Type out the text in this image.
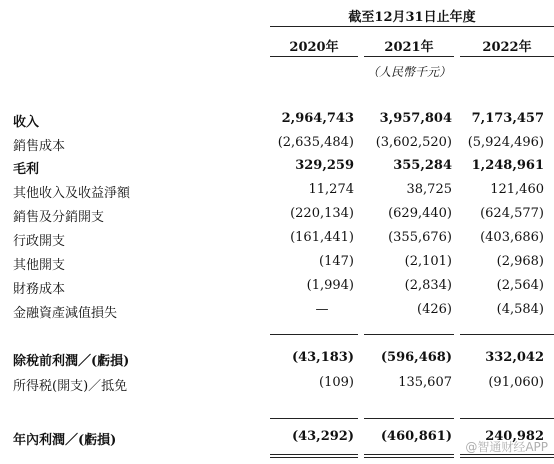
截至12月31日止年度
2020年	2021年	2022年
（人民幣千元）
收入	2,964,743	3,957,804	7,173,457
銷售成本	(2,635,484)	(3,602,520)	(5,924,496)
毛利	329,259	355,284	1,248,961
其他收入及收益淨額	11,274	38,725	121,460
銷售及分銷開支	(220,134)	(629,440)	(624,577)
行政開支	(161,441)	(355,676)	(403,686)
其他開支	(147)	(2,101)	(2,968)
財務成本	(1,994)	(2,834)	(2,564)
金融資產減值損失	—	(426)	(4,584)
除稅前利潤／(虧損)	(43,183)	(596,468)	332,042
所得税(開支)／抵免	(109)	135,607	(91,060)
年內利潤／(虧損)	(43,292)	(460,861)	240,982
@智通财经APP
